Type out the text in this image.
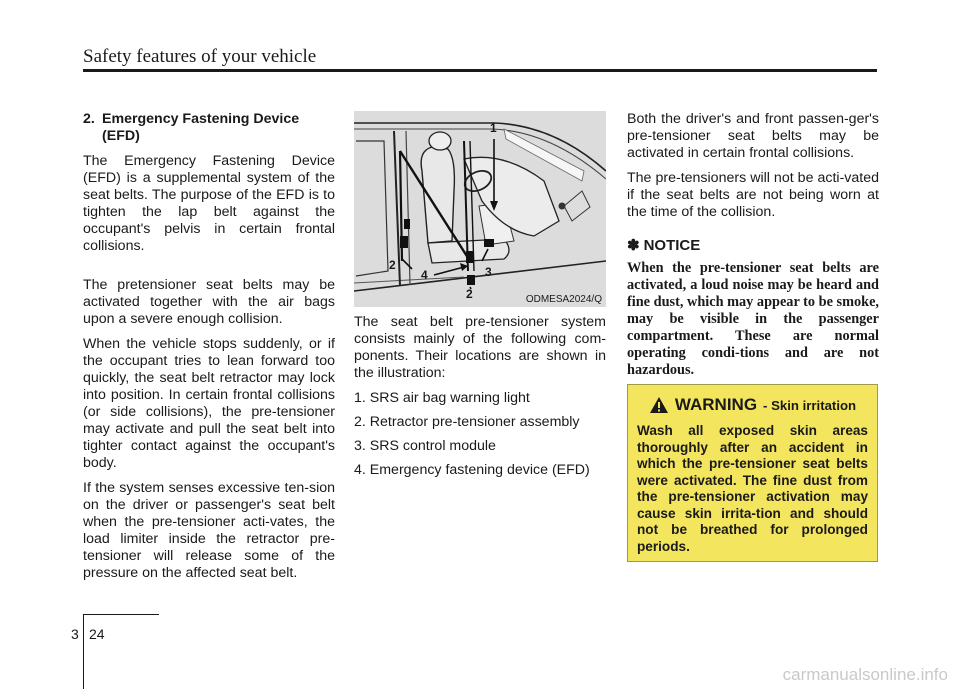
Safety features of your vehicle
2. Emergency Fastening Device
(EFD)

The Emergency Fastening Device (EFD) is a supplemental system of the seat belts. The purpose of the EFD is to tighten the lap belt against the occupant's pelvis in certain frontal collisions.

The pretensioner seat belts may be activated together with the air bags upon a severe enough collision.

When the vehicle stops suddenly, or if the occupant tries to lean forward too quickly, the seat belt retractor may lock into position. In certain frontal collisions (or side collisions), the pre-tensioner may activate and pull the seat belt into tighter contact against the occupant's body.

If the system senses excessive ten-sion on the driver or passenger's seat belt when the pre-tensioner acti-vates, the load limiter inside the retractor pre-tensioner will release some of the pressure on the affected seat belt.

1
2
4	3
2	ODMESA2024/Q

The seat belt pre-tensioner system consists mainly of the following com-ponents. Their locations are shown in the illustration:

1. SRS air bag warning light
2. Retractor pre-tensioner assembly
3. SRS control module
4. Emergency fastening device (EFD)

Both the driver's and front passen-ger's pre-tensioner seat belts may be activated in certain frontal collisions.

The pre-tensioners will not be acti-vated if the seat belts are not being worn at the time of the collision.

✽ NOTICE
When the pre-tensioner seat belts are activated, a loud noise may be heard and fine dust, which may appear to be smoke, may be visible in the passenger compartment. These are normal operating condi-tions and are not hazardous.
WARNING - Skin irritation

Wash all exposed skin areas thoroughly after an accident in which the pre-tensioner seat belts were activated. The fine dust from the pre-tensioner activation may cause skin irrita-tion and should not be breathed for prolonged periods.

3 24
carmanualsonline.info
